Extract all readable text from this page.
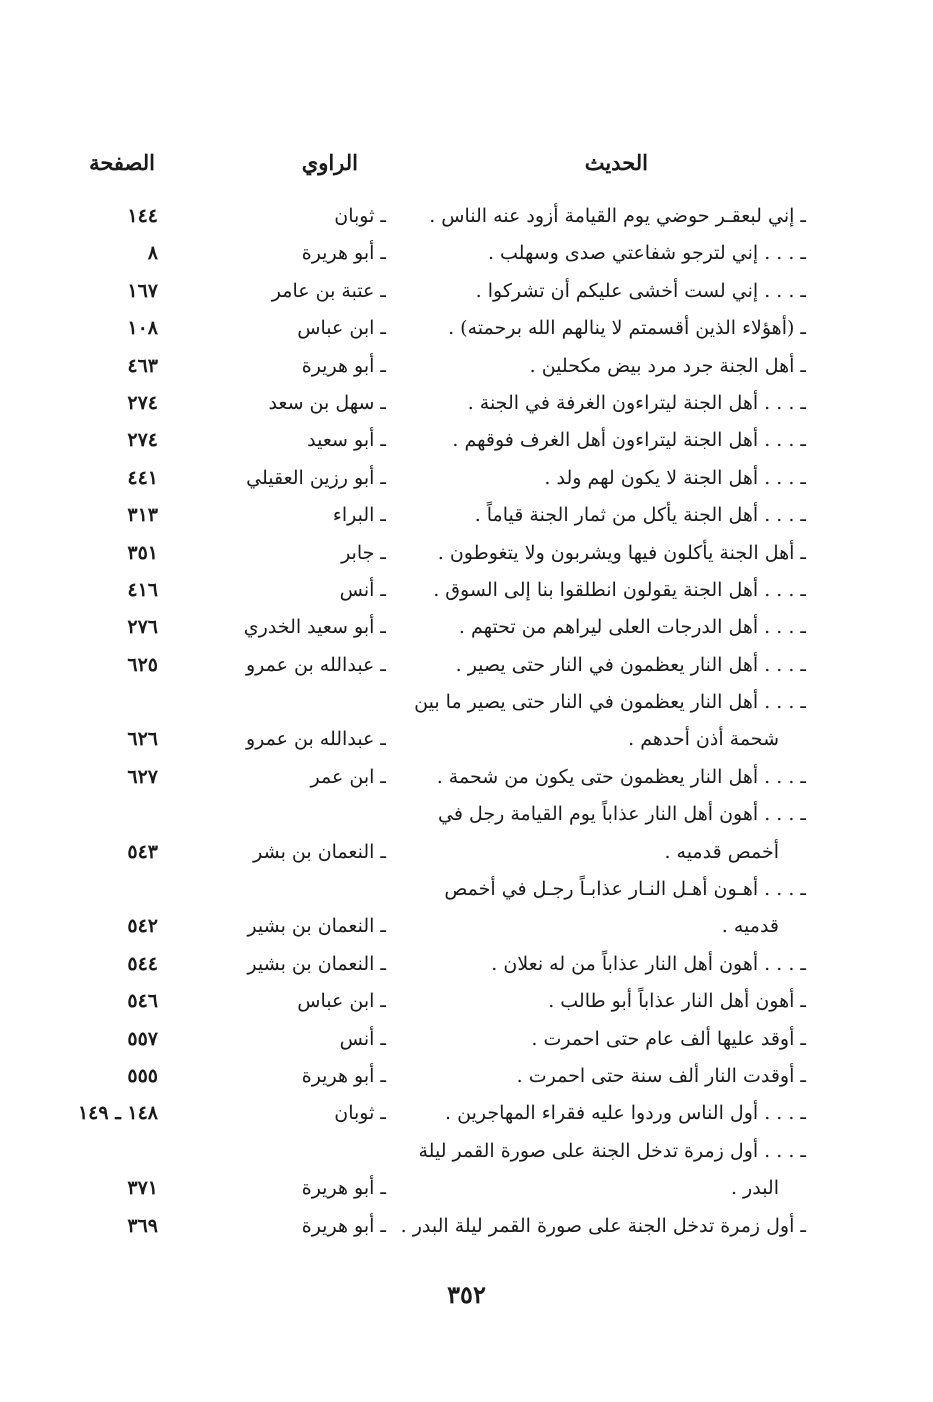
الحديث
الراوي
الصفحة
ـ إني لبعقـر حوضي يوم القيامة أزود عنه الناس .
ـ ثوبان
١٤٤
ـ . . . إني لترجو شفاعتي صدى وسهلب .
ـ أبو هريرة
٨
ـ . . . إني لست أخشى عليكم أن تشركوا .
ـ عتبة بن عامر
١٦٧
ـ (أهؤلاء الذين أقسمتم لا ينالهم الله برحمته) .
ـ ابن عباس
١٠٨
ـ أهل الجنة جرد مرد بيض مكحلين .
ـ أبو هريرة
٤٦٣
ـ . . . أهل الجنة ليتراءون الغرفة في الجنة .
ـ سهل بن سعد
٢٧٤
ـ . . . أهل الجنة ليتراءون أهل الغرف فوقهم .
ـ أبو سعيد
٢٧٤
ـ . . . أهل الجنة لا يكون لهم ولد .
ـ أبو رزين العقيلي
٤٤١
ـ . . . أهل الجنة يأكل من ثمار الجنة قياماً .
ـ البراء
٣١٣
ـ أهل الجنة يأكلون فيها ويشربون ولا يتغوطون .
ـ جابر
٣٥١
ـ . . . أهل الجنة يقولون انطلقوا بنا إلى السوق .
ـ أنس
٤١٦
ـ . . . أهل الدرجات العلى ليراهم من تحتهم .
ـ أبو سعيد الخدري
٢٧٦
ـ . . . أهل النار يعظمون في النار حتى يصير .
ـ عبدالله بن عمرو
٦٢٥
ـ . . . أهل النار يعظمون في النار حتى يصير ما بين
شحمة أذن أحدهم .
ـ عبدالله بن عمرو
٦٢٦
ـ . . . أهل النار يعظمون حتى يكون من شحمة .
ـ ابن عمر
٦٢٧
ـ . . . أهون أهل النار عذاباً يوم القيامة رجل في
أخمص قدميه .
ـ النعمان بن بشر
٥٤٣
ـ . . . أهـون أهـل النـار عذابـاً رجـل في أخمص
قدميه .
ـ النعمان بن بشير
٥٤٢
ـ . . . أهون أهل النار عذاباً من له نعلان .
ـ النعمان بن بشير
٥٤٤
ـ أهون أهل النار عذاباً أبو طالب .
ـ ابن عباس
٥٤٦
ـ أوقد عليها ألف عام حتى احمرت .
ـ أنس
٥٥٧
ـ أوقدت النار ألف سنة حتى احمرت .
ـ أبو هريرة
٥٥٥
ـ . . . أول الناس وردوا عليه فقراء المهاجرين .
ـ ثوبان
١٤٨ ـ ١٤٩
ـ . . . أول زمرة تدخل الجنة على صورة القمر ليلة
البدر .
ـ أبو هريرة
٣٧١
ـ أول زمرة تدخل الجنة على صورة القمر ليلة البدر .
ـ أبو هريرة
٣٦٩
٣٥٢
